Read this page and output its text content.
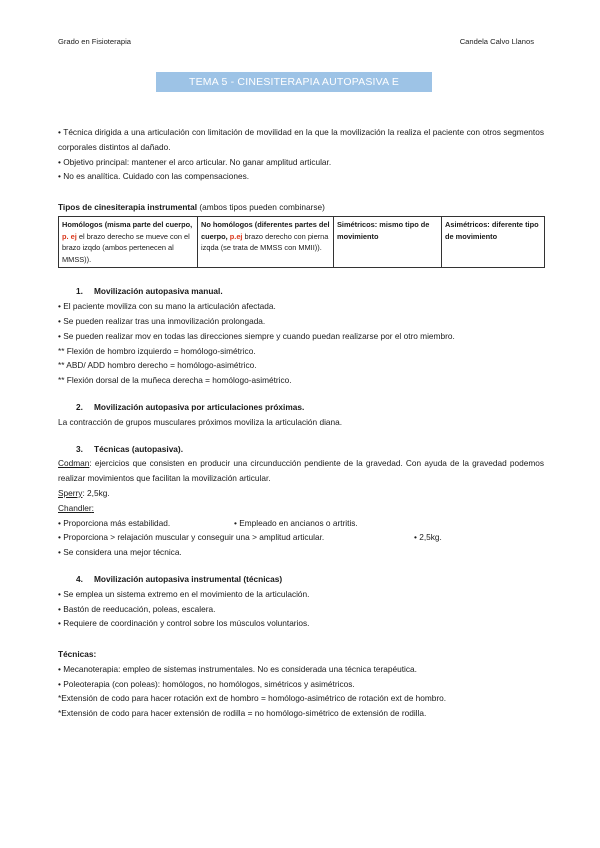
Grado en Fisioterapia	Candela Calvo Llanos
TEMA 5 - CINESITERAPIA AUTOPASIVA E INSTRUMENTAL

• Técnica dirigida a una articulación con limitación de movilidad en la que la movilización la realiza el paciente con otros segmentos corporales distintos al dañado.

• Objetivo principal: mantener el arco articular. No ganar amplitud articular.

• No es analítica. Cuidado con las compensaciones.

Tipos de cinesiterapia instrumental (ambos tipos pueden combinarse)

Homólogos (misma parte del cuerpo, p. ej el brazo derecho se mueve con el brazo izqdo (ambos pertenecen al MMSS)).	No homólogos (diferentes partes del cuerpo, p.ej brazo derecho con pierna izqda (se trata de MMSS con MMII)).	Simétricos: mismo tipo de movimiento	Asimétricos: diferente tipo de movimiento

1. Movilización autopasiva manual.

• El paciente moviliza con su mano la articulación afectada.

• Se pueden realizar tras una inmovilización prolongada.

• Se pueden realizar mov en todas las direcciones siempre y cuando puedan realizarse por el otro miembro.

** Flexión de hombro izquierdo = homólogo-simétrico.

** ABD/ ADD hombro derecho = homólogo-asimétrico.

** Flexión dorsal de la muñeca derecha = homólogo-asimétrico.

2. Movilización autopasiva por articulaciones próximas.

La contracción de grupos musculares próximos moviliza la articulación diana.

3. Técnicas (autopasiva).

Codman: ejercicios que consisten en producir una circunducción pendiente de la gravedad. Con ayuda de la gravedad podemos realizar movimientos que facilitan la movilización articular.

Sperry: 2,5kg.

Chandler:

• Proporciona más estabilidad.	• Empleado en ancianos o artritis.

• Proporciona > relajación muscular y conseguir una > amplitud articular.	• 2,5kg.

• Se considera una mejor técnica.

4. Movilización autopasiva instrumental (técnicas)

• Se emplea un sistema extremo en el movimiento de la articulación.

• Bastón de reeducación, poleas, escalera.

• Requiere de coordinación y control sobre los músculos voluntarios.

Técnicas:

• Mecanoterapia: empleo de sistemas instrumentales. No es considerada una técnica terapéutica.

• Poleoterapia (con poleas): homólogos, no homólogos, simétricos y asimétricos.

*Extensión de codo para hacer rotación ext de hombro = homólogo-asimétrico de rotación ext de hombro.

*Extensión de codo para hacer extensión de rodilla = no homólogo-simétrico de extensión de rodilla.
